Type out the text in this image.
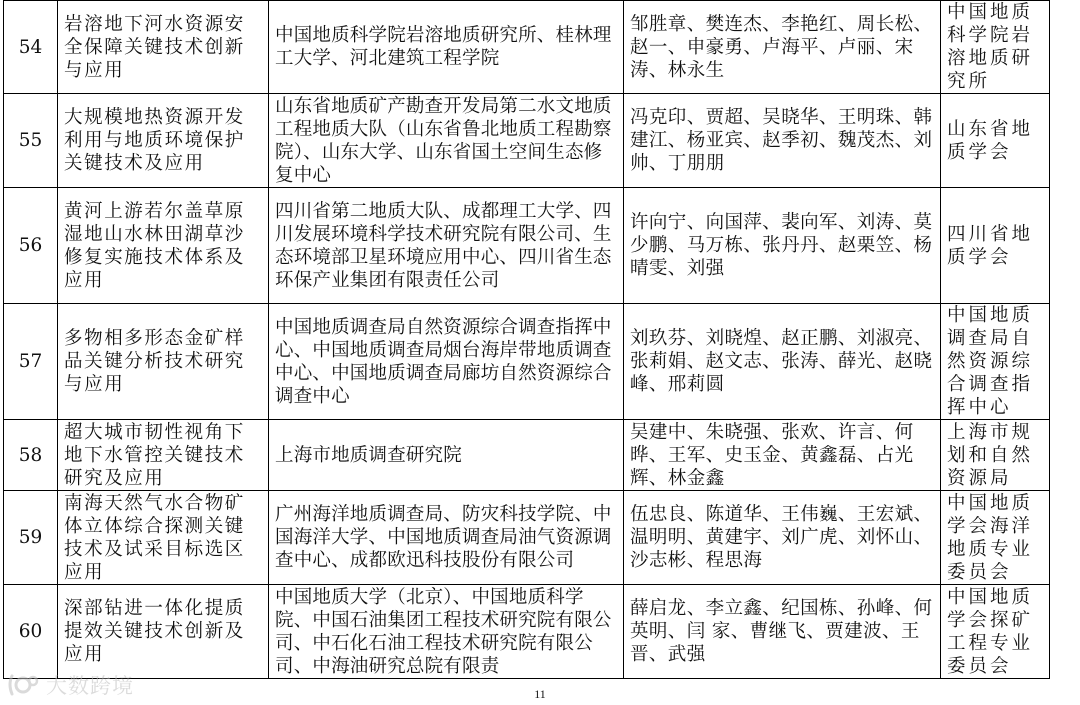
54	岩溶地下河水资源安全保障关键技术创新与应用	中国地质科学院岩溶地质研究所、桂林理工大学、河北建筑工程学院	邹胜章、樊连杰、李艳红、周长松、赵一、申豪勇、卢海平、卢丽、宋涛、林永生	中国地质科学院岩溶地质研究所
55	大规模地热资源开发利用与地质环境保护关键技术及应用	山东省地质矿产勘查开发局第二水文地质工程地质大队（山东省鲁北地质工程勘察院）、山东大学、山东省国土空间生态修复中心	冯克印、贾超、吴晓华、王明珠、韩建江、杨亚宾、赵季初、魏茂杰、刘帅、丁朋朋	山东省地质学会
56	黄河上游若尔盖草原湿地山水林田湖草沙修复实施技术体系及应用	四川省第二地质大队、成都理工大学、四川发展环境科学技术研究院有限公司、生态环境部卫星环境应用中心、四川省生态环保产业集团有限责任公司	许向宁、向国萍、裴向军、刘涛、莫少鹏、马万栋、张丹丹、赵栗笠、杨晴雯、刘强	四川省地质学会
57	多物相多形态金矿样品关键分析技术研究与应用	中国地质调查局自然资源综合调查指挥中心、中国地质调查局烟台海岸带地质调查中心、中国地质调查局廊坊自然资源综合调查中心	刘玖芬、刘晓煌、赵正鹏、刘淑亮、张莉娟、赵文志、张涛、薛光、赵晓峰、邢莉圆	中国地质调查局自然资源综合调查指挥中心
58	超大城市韧性视角下地下水管控关键技术研究及应用	上海市地质调查研究院	吴建中、朱晓强、张欢、许言、何晔、王军、史玉金、黄鑫磊、占光辉、林金鑫	上海市规划和自然资源局
59	南海天然气水合物矿体立体综合探测关键技术及试采目标选区应用	广州海洋地质调查局、防灾科技学院、中国海洋大学、中国地质调查局油气资源调查中心、成都欧迅科技股份有限公司	伍忠良、陈道华、王伟巍、王宏斌、温明明、黄建宇、刘广虎、刘怀山、沙志彬、程思海	中国地质学会海洋地质专业委员会
60	深部钻进一体化提质提效关键技术创新及应用	中国地质大学（北京）、中国地质科学院、中国石油集团工程技术研究院有限公司、中石化石油工程技术研究院有限公司、中海油研究总院有限责	薛启龙、李立鑫、纪国栋、孙峰、何英明、闫 家、曹继飞、贾建波、王晋、武强	中国地质学会探矿工程专业委员会
大数跨境	11
